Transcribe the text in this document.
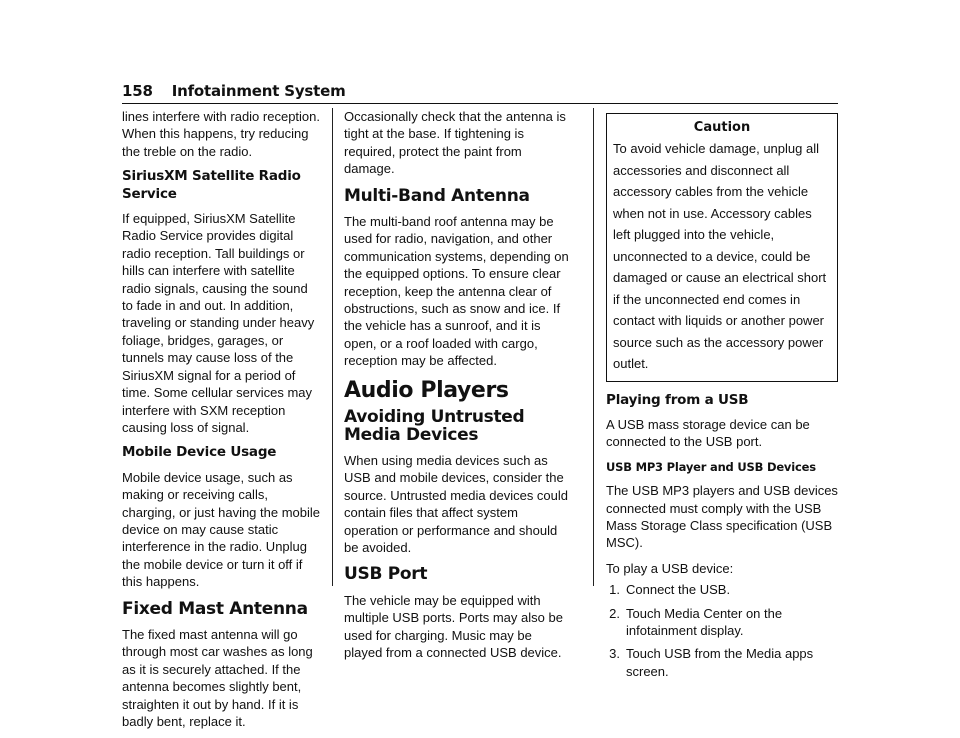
158 Infotainment System

lines interfere with radio reception. When this happens, try reducing the treble on the radio.

SiriusXM Satellite Radio Service

If equipped, SiriusXM Satellite Radio Service provides digital radio reception. Tall buildings or hills can interfere with satellite radio signals, causing the sound to fade in and out. In addition, traveling or standing under heavy foliage, bridges, garages, or tunnels may cause loss of the SiriusXM signal for a period of time. Some cellular services may interfere with SXM reception causing loss of signal.

Mobile Device Usage

Mobile device usage, such as making or receiving calls, charging, or just having the mobile device on may cause static interference in the radio. Unplug the mobile device or turn it off if this happens.

Fixed Mast Antenna

The fixed mast antenna will go through most car washes as long as it is securely attached. If the antenna becomes slightly bent, straighten it out by hand. If it is badly bent, replace it.

Occasionally check that the antenna is tight at the base. If tightening is required, protect the paint from damage.

Multi-Band Antenna

The multi-band roof antenna may be used for radio, navigation, and other communication systems, depending on the equipped options. To ensure clear reception, keep the antenna clear of obstructions, such as snow and ice. If the vehicle has a sunroof, and it is open, or a roof loaded with cargo, reception may be affected.

Audio Players
Avoiding Untrusted Media Devices

When using media devices such as USB and mobile devices, consider the source. Untrusted media devices could contain files that affect system operation or performance and should be avoided.

USB Port

The vehicle may be equipped with multiple USB ports. Ports may also be used for charging. Music may be played from a connected USB device.

Caution
To avoid vehicle damage, unplug all accessories and disconnect all accessory cables from the vehicle when not in use. Accessory cables left plugged into the vehicle, unconnected to a device, could be damaged or cause an electrical short if the unconnected end comes in contact with liquids or another power source such as the accessory power outlet.
Playing from a USB

A USB mass storage device can be connected to the USB port.

USB MP3 Player and USB Devices

The USB MP3 players and USB devices connected must comply with the USB Mass Storage Class specification (USB MSC).

To play a USB device:

1. Connect the USB.
2. Touch Media Center on the infotainment display.
3. Touch USB from the Media apps screen.
